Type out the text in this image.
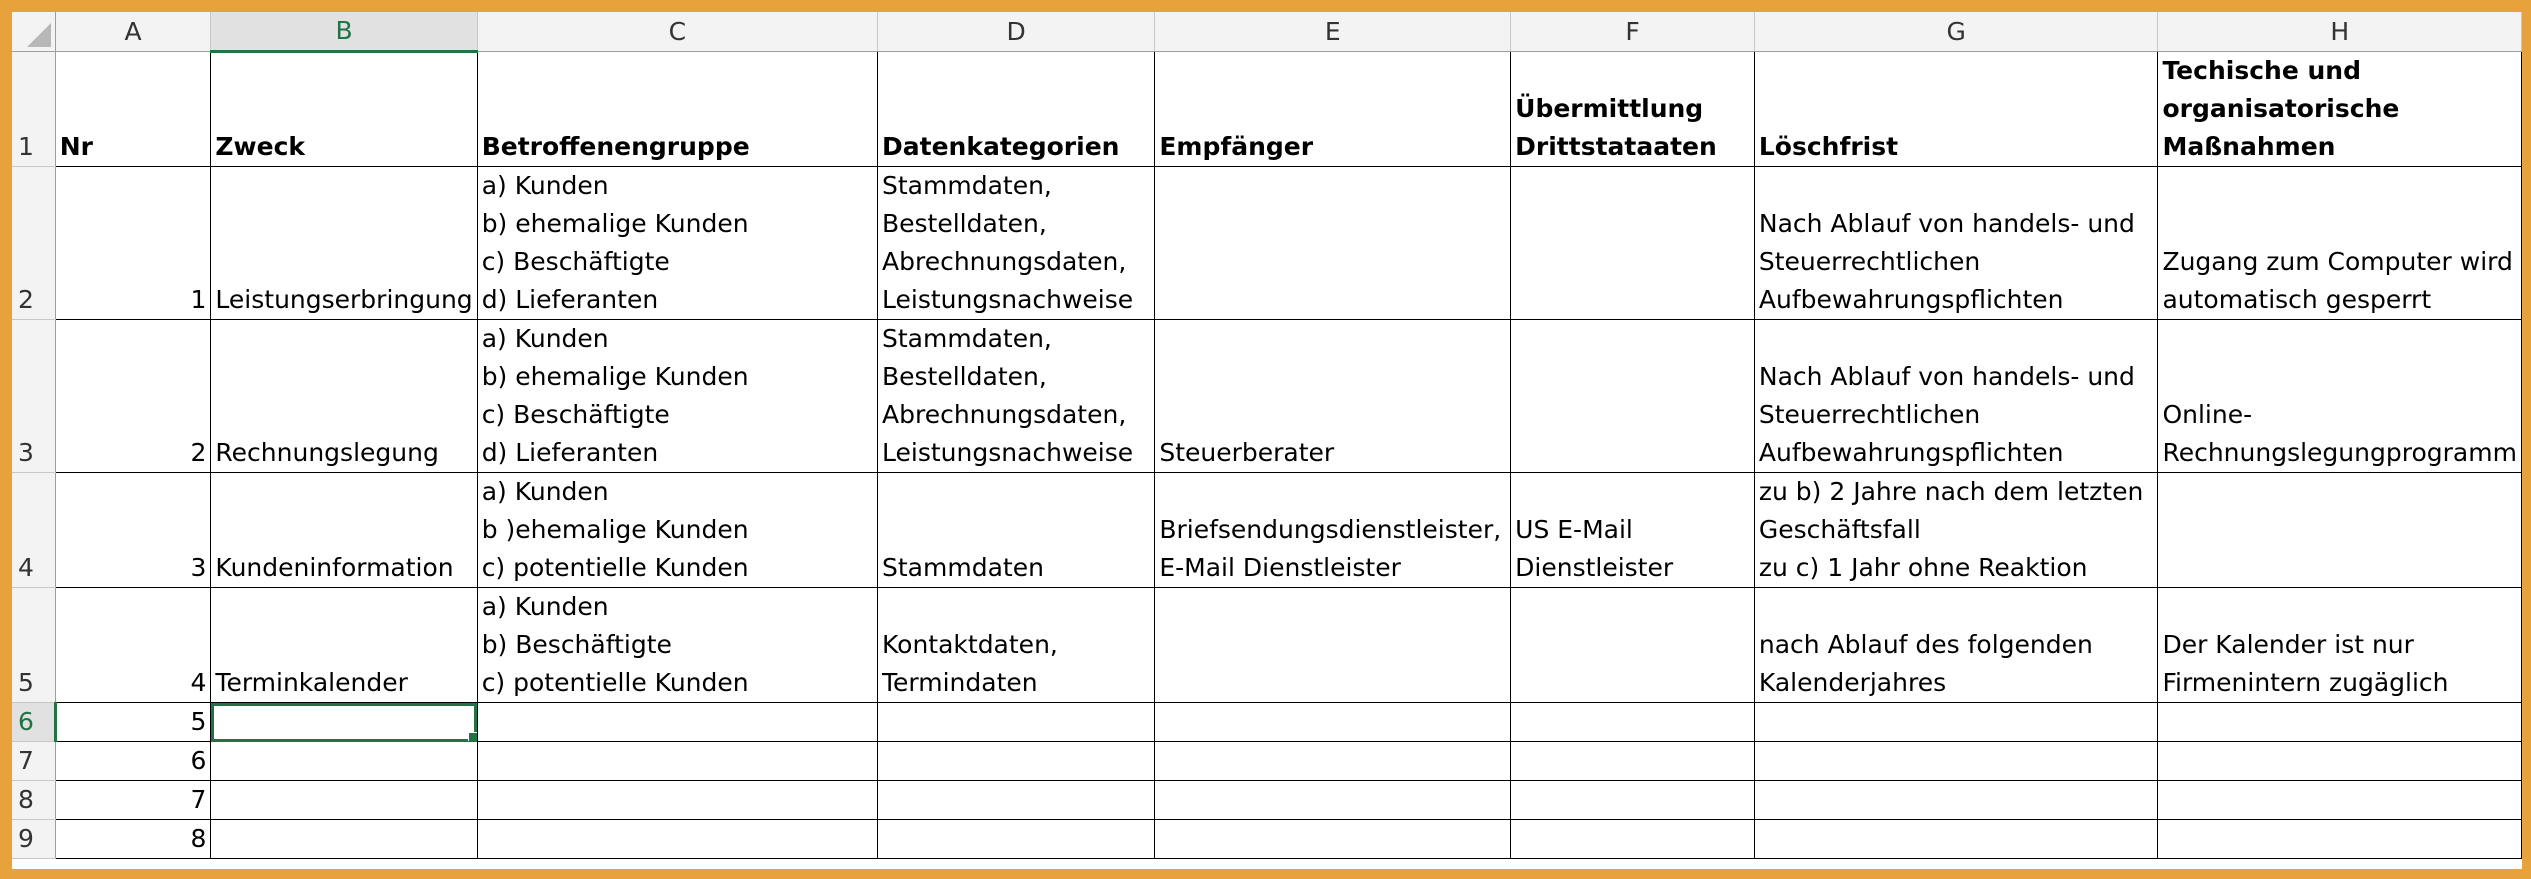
	A	B	C	D	E	F	G	H
1	Nr	Zweck	Betroffenengruppe	Datenkategorien	Empfänger	Übermittlung
Drittstataaten	Löschfrist	Techische und
organisatorische
Maßnahmen
2	1	Leistungserbringung	a) Kunden
b) ehemalige Kunden
c) Beschäftigte
d) Lieferanten	Stammdaten,
Bestelldaten,
Abrechnungsdaten,
Leistungsnachweise			Nach Ablauf von handels- und
Steuerrechtlichen
Aufbewahrungspflichten	Zugang zum Computer wird
automatisch gesperrt
3	2	Rechnungslegung	a) Kunden
b) ehemalige Kunden
c) Beschäftigte
d) Lieferanten	Stammdaten,
Bestelldaten,
Abrechnungsdaten,
Leistungsnachweise	Steuerberater		Nach Ablauf von handels- und
Steuerrechtlichen
Aufbewahrungspflichten	Online-
Rechnungslegungprogramm
4	3	Kundeninformation	a) Kunden
b )ehemalige Kunden
c) potentielle Kunden	Stammdaten	Briefsendungsdienstleister,
E-Mail Dienstleister	US E-Mail
Dienstleister	zu b) 2 Jahre nach dem letzten
Geschäftsfall
zu c) 1 Jahr ohne Reaktion	
5	4	Terminkalender	a) Kunden
b) Beschäftigte
c) potentielle Kunden	Kontaktdaten,
Termindaten			nach Ablauf des folgenden
Kalenderjahres	Der Kalender ist nur
Firmenintern zugäglich
6	5	

7	6							
8	7							
9	8							
